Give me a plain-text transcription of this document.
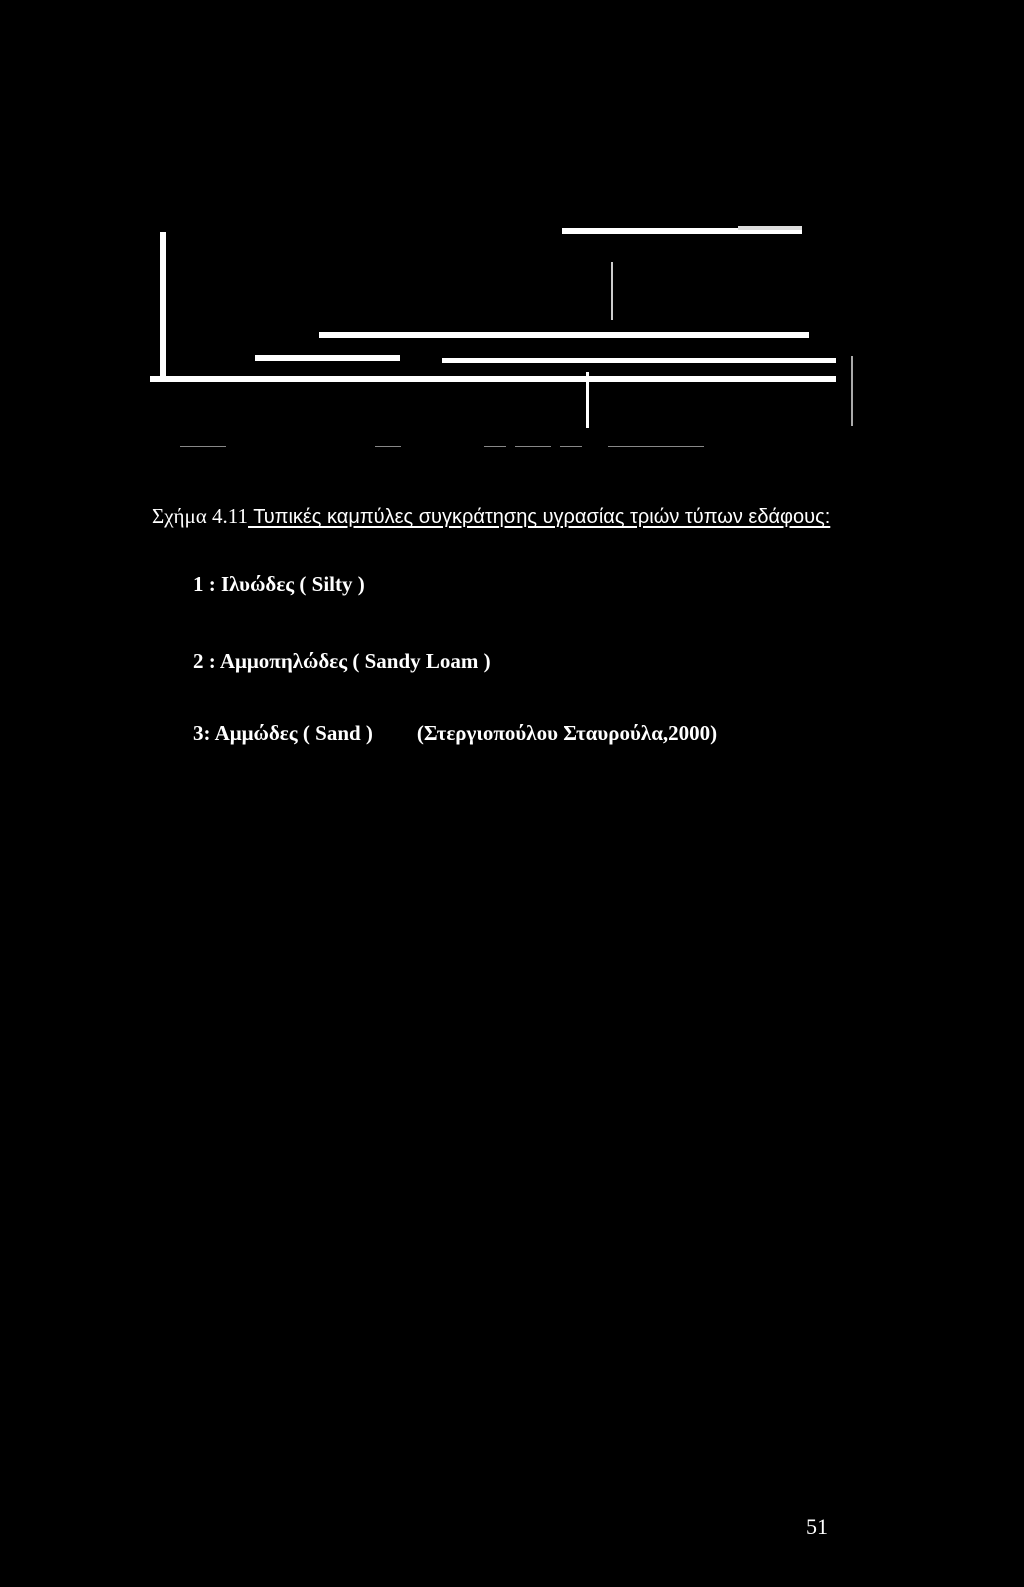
Σχήμα 4.11 Τυπικές καμπύλες συγκράτησης υγρασίας τριών τύπων εδάφους:
1 : Ιλυώδες ( Silty )
2 : Αμμοπηλώδες ( Sandy Loam )
3: Αμμώδες ( Sand ) (Στεργιοπούλου Σταυρούλα,2000)
51
